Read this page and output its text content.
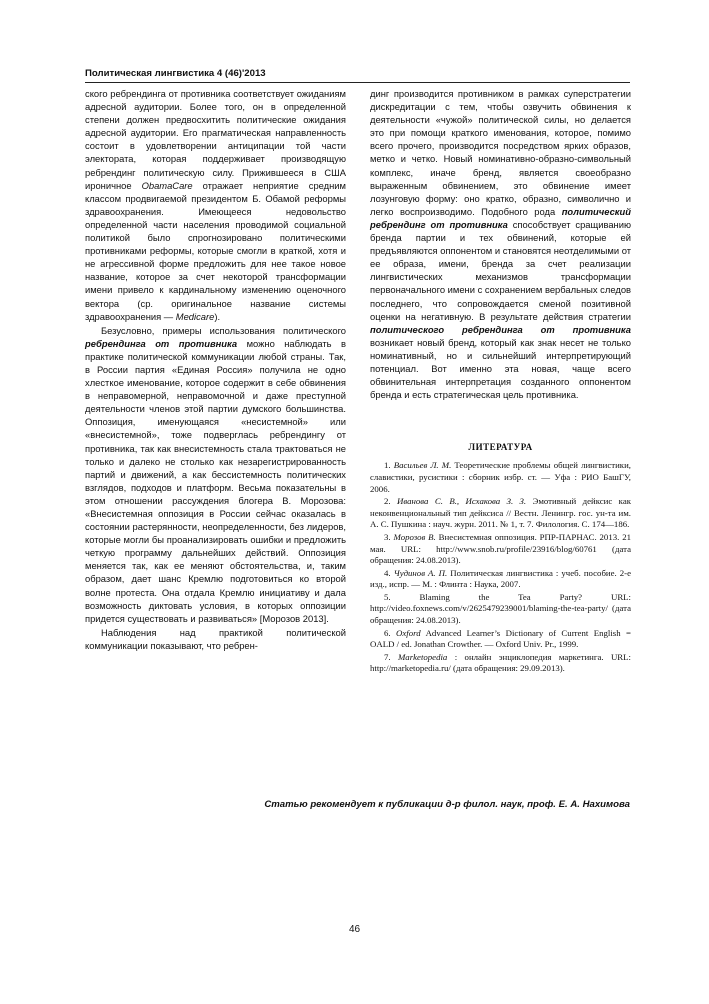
Политическая лингвистика 4 (46)'2013

ского ребрендинга от противника соответствует ожиданиям адресной аудитории. Более того, он в определенной степени должен предвосхитить политические ожидания адресной аудитории. Его прагматическая направленность состоит в удовлетворении антиципации той части электората, которая поддерживает производящую ребрендинг политическую силу. Прижившееся в США ироничное ObamaCare отражает неприятие средним классом продвигаемой президентом Б. Обамой реформы здравоохранения. Имеющееся недовольство определенной части населения проводимой социальной политикой было спрогнозировано политическими противниками реформы, которые смогли в краткой, хотя и не агрессивной форме предложить для нее такое новое название, которое за счет некоторой трансформации имени привело к кардинальному изменению оценочного вектора (ср. оригинальное название системы здравоохранения — Medicare).

Безусловно, примеры использования политического ребрендинга от противника можно наблюдать в практике политической коммуникации любой страны. Так, в России партия «Единая Россия» получила не одно хлесткое именование, которое содержит в себе обвинения в неправомерной, неправомочной и даже преступной деятельности членов этой партии думского большинства. Оппозиция, именующаяся «несистемной» или «внесистемной», тоже подверглась ребрендингу от противника, так как внесистемность стала трактоваться не только и далеко не столько как незарегистрированность партий и движений, а как бессистемность политических взглядов, подходов и платформ. Весьма показательны в этом отношении рассуждения блогера В. Морозова: «Внесистемная оппозиция в России сейчас оказалась в состоянии растерянности, неопределенности, без лидеров, которые могли бы проанализировать ошибки и предложить четкую программу дальнейших действий. Оппозиция меняется так, как ее меняют обстоятельства, и, таким образом, дает шанс Кремлю подготовиться ко второй волне протеста. Она отдала Кремлю инициативу и дала возможность диктовать условия, в которых оппозиции придется существовать и развиваться» [Морозов 2013].

Наблюдения над практикой политической коммуникации показывают, что ребрен-

динг производится противником в рамках суперстратегии дискредитации с тем, чтобы озвучить обвинения к деятельности «чужой» политической силы, но делается это при помощи краткого именования, которое, помимо всего прочего, производится посредством ярких образов, метко и четко. Новый номинативно-образно-символьный комплекс, иначе бренд, является своеобразно выраженным обвинением, это обвинение имеет лозунговую форму: оно кратко, образно, символично и легко воспроизводимо. Подобного рода политический ребрендинг от противника способствует сращиванию бренда партии и тех обвинений, которые ей предъявляются оппонентом и становятся неотделимыми от ее образа, имени, бренда за счет реализации лингвистических механизмов трансформации первоначального имени с сохранением вербальных следов последнего, что сопровождается сменой позитивной оценки на негативную. В результате действия стратегии политического ребрендинга от противника возникает новый бренд, который как знак несет не только номинативный, но и сильнейший интерпретирующий потенциал. Вот именно эта новая, чаще всего обвинительная интерпретация созданного оппонентом бренда и есть стратегическая цель противника.

ЛИТЕРАТУРА

1. Васильев Л. М. Теоретические проблемы общей лингвистики, славистики, русистики : сборник избр. ст. — Уфа : РИО БашГУ, 2006.

2. Иванова С. В., Исхакова З. З. Эмотивный дейксис как неконвенциональный тип дейксиса // Вестн. Ленингр. гос. ун-та им. А. С. Пушкина : науч. журн. 2011. № 1, т. 7. Филология. С. 174—186.

3. Морозов В. Внесистемная оппозиция. РПР-ПАРНАС. 2013. 21 мая. URL: http://www.snob.ru/profile/23916/blog/60761 (дата обращения: 24.08.2013).

4. Чудинов А. П. Политическая лингвистика : учеб. пособие. 2-е изд., испр. — М. : Флинта : Наука, 2007.

5. Blaming the Tea Party? URL: http://video.foxnews.com/v/2625479239001/blaming-the-tea-party/ (дата обращения: 24.08.2013).

6. Oxford Advanced Learner’s Dictionary of Current English = OALD / ed. Jonathan Crowther. — Oxford Univ. Pr., 1999.

7. Marketopedia : онлайн энциклопедия маркетинга. URL: http://marketopedia.ru/ (дата обращения: 29.09.2013).

Статью рекомендует к публикации д-р филол. наук, проф. Е. А. Нахимова
46
